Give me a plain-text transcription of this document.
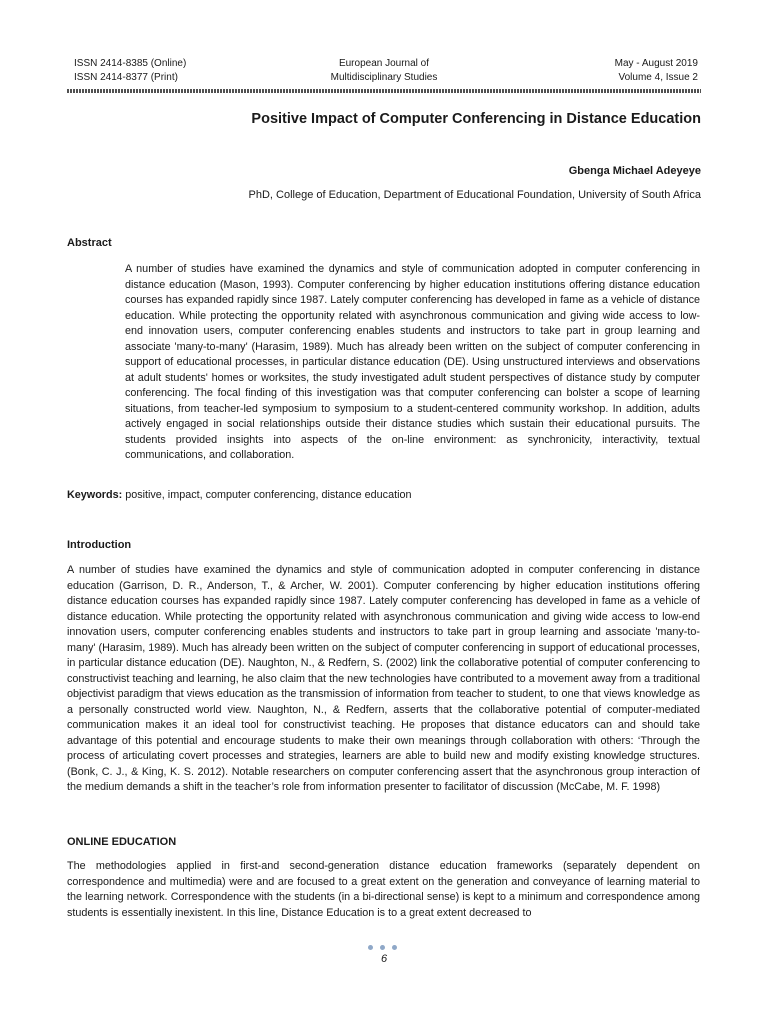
ISSN 2414-8385 (Online)
ISSN 2414-8377 (Print)
European Journal of
Multidisciplinary Studies
May - August 2019
Volume 4, Issue 2
Positive Impact of Computer Conferencing in Distance Education
Gbenga Michael Adeyeye
PhD, College of Education, Department of Educational Foundation, University of South Africa
Abstract

A number of studies have examined the dynamics and style of communication adopted in computer conferencing in distance education (Mason, 1993). Computer conferencing by higher education institutions offering distance education courses has expanded rapidly since 1987. Lately computer conferencing has developed in fame as a vehicle of distance education. While protecting the opportunity related with asynchronous communication and giving wide access to low-end innovation users, computer conferencing enables students and instructors to take part in group learning and associate 'many-to-many' (Harasim, 1989). Much has already been written on the subject of computer conferencing in support of educational processes, in particular distance education (DE). Using unstructured interviews and observations at adult students' homes or worksites, the study investigated adult student perspectives of distance study by computer conferencing. The focal finding of this investigation was that computer conferencing can bolster a scope of learning situations, from teacher-led symposium to symposium to a student-centered community workshop. In addition, adults actively engaged in social relationships outside their distance studies which sustain their educational pursuits. The students provided insights into aspects of the on-line environment: as synchronicity, interactivity, textual communications, and collaboration.

Keywords: positive, impact, computer conferencing, distance education
Introduction

A number of studies have examined the dynamics and style of communication adopted in computer conferencing in distance education (Garrison, D. R., Anderson, T., & Archer, W. 2001). Computer conferencing by higher education institutions offering distance education courses has expanded rapidly since 1987. Lately computer conferencing has developed in fame as a vehicle of distance education. While protecting the opportunity related with asynchronous communication and giving wide access to low-end innovation users, computer conferencing enables students and instructors to take part in group learning and associate 'many-to-many' (Harasim, 1989). Much has already been written on the subject of computer conferencing in support of educational processes, in particular distance education (DE). Naughton, N., & Redfern, S. (2002) link the collaborative potential of computer conferencing to constructivist teaching and learning, he also claim that the new technologies have contributed to a movement away from a traditional objectivist paradigm that views education as the transmission of information from teacher to student, to one that views knowledge as a personally constructed world view. Naughton, N., & Redfern, asserts that the collaborative potential of computer-mediated communication makes it an ideal tool for constructivist teaching. He proposes that distance educators can and should take advantage of this potential and encourage students to make their own meanings through collaboration with others: ‘Through the process of articulating covert processes and strategies, learners are able to build new and modify existing knowledge structures. (Bonk, C. J., & King, K. S. 2012). Notable researchers on computer conferencing assert that the asynchronous group interaction of the medium demands a shift in the teacher’s role from information presenter to facilitator of discussion (McCabe, M. F. 1998)

ONLINE EDUCATION

The methodologies applied in first-and second-generation distance education frameworks (separately dependent on correspondence and multimedia) were and are focused to a great extent on the generation and conveyance of learning material to the learning network. Correspondence with the students (in a bi-directional sense) is kept to a minimum and correspondence among students is essentially inexistent. In this line, Distance Education is to a great extent decreased to

6
